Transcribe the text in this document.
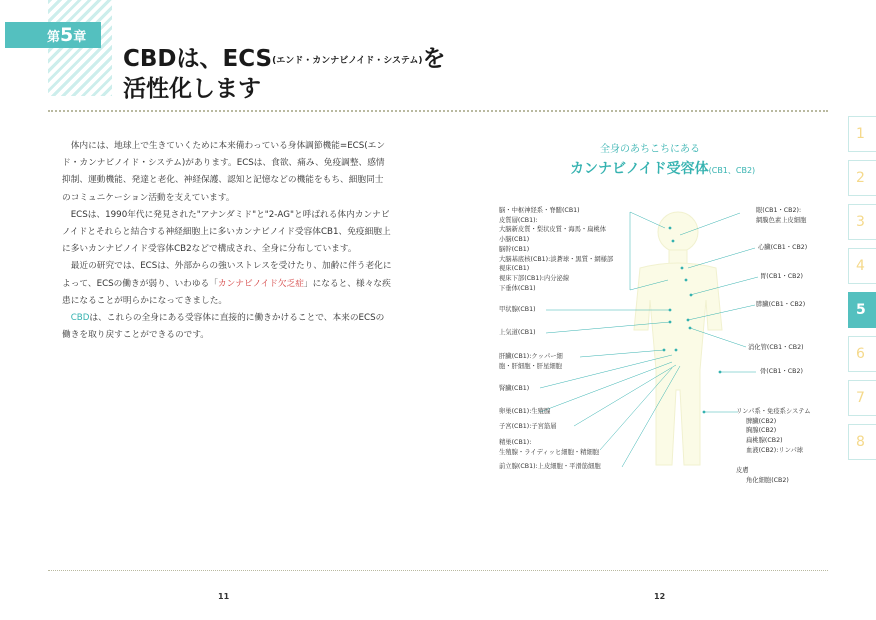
第5章
CBDは、ECS(エンド・カンナビノイド・システム)を
活性化します

体内には、地球上で生きていくために本来備わっている身体調節機能=ECS(エンド・カンナビノイド・システム)があります。ECSは、食欲、痛み、免疫調整、感情抑制、運動機能、発達と老化、神経保護、認知と記憶などの機能をもち、細胞同士のコミュニケーション活動を支えています。

ECSは、1990年代に発見された"アナンダミド"と"2-AG"と呼ばれる体内カンナビノイドとそれらと結合する神経細胞上に多いカンナビノイド受容体CB1、免疫細胞上に多いカンナビノイド受容体CB2などで構成され、全身に分布しています。

最近の研究では、ECSは、外部からの強いストレスを受けたり、加齢に伴う老化によって、ECSの働きが弱り、いわゆる「カンナビノイド欠乏症」になると、様々な疾患になることが明らかになってきました。

CBDは、これらの全身にある受容体に直接的に働きかけることで、本来のECSの働きを取り戻すことができるのです。

全身のあちこちにある
カンナビノイド受容体(CB1、CB2)
脳・中枢神経系・脊髄(CB1)
皮質層(CB1):
大脳新皮質・梨状皮質・海馬・扁桃体
小脳(CB1)
脳幹(CB1)
大脳基底核(CB1):淡蒼球・黒質・網様部
視床(CB1)
視床下部(CB1):内分泌線
下垂体(CB1)
甲状腺(CB1)
上気道(CB1)
肝臓(CB1):クッパー細
胞・肝細胞・肝星細胞
腎臓(CB1)
卵巣(CB1):生殖腺
子宮(CB1):子宮筋層
精巣(CB1):
生殖腺・ライディッヒ細胞・精細胞
前立腺(CB1):上皮細胞・平滑筋細胞
眼(CB1・CB2):
網膜色素上皮細胞
心臓(CB1・CB2)
胃(CB1・CB2)
膵臓(CB1・CB2)
消化管(CB1・CB2)
骨(CB1・CB2)
リンパ系・免疫系システム
脾臓(CB2)
胸腺(CB2)
扁桃腺(CB2)
血液(CB2):リンパ球
皮膚
角化細胞(CB2)
1
2
3
4
5
6
7
8
11	12
